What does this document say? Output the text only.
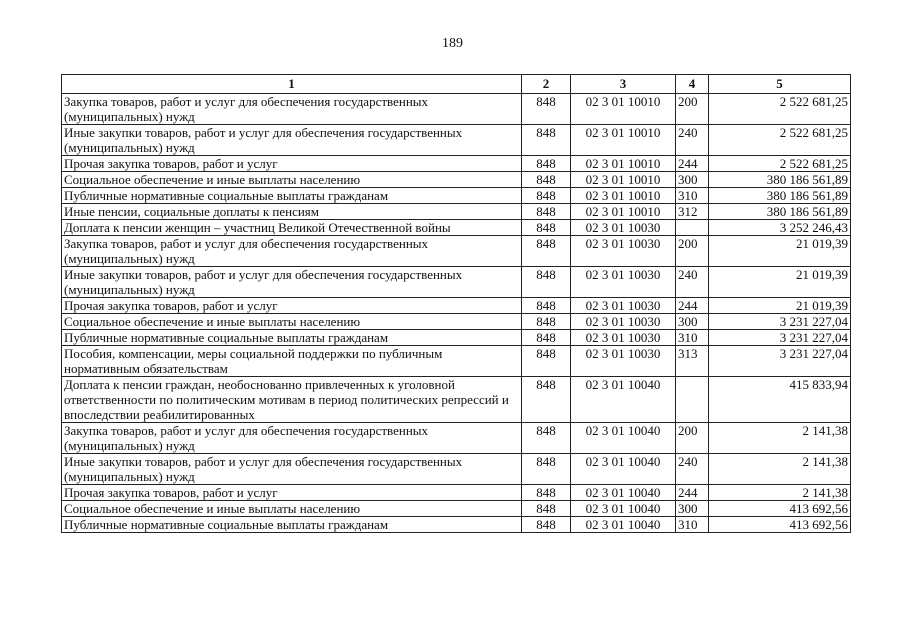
189
1	2	3	4	5
Закупка товаров, работ и услуг для обеспечения государственных (муниципальных) нужд	848	02 3 01 10010	200	2 522 681,25
Иные закупки товаров, работ и услуг для обеспечения государственных (муниципальных) нужд	848	02 3 01 10010	240	2 522 681,25
Прочая закупка товаров, работ и услуг	848	02 3 01 10010	244	2 522 681,25
Социальное обеспечение и иные выплаты населению	848	02 3 01 10010	300	380 186 561,89
Публичные нормативные социальные выплаты гражданам	848	02 3 01 10010	310	380 186 561,89
Иные пенсии, социальные доплаты к пенсиям	848	02 3 01 10010	312	380 186 561,89
Доплата к пенсии женщин – участниц Великой Отечественной войны	848	02 3 01 10030		3 252 246,43
Закупка товаров, работ и услуг для обеспечения государственных (муниципальных) нужд	848	02 3 01 10030	200	21 019,39
Иные закупки товаров, работ и услуг для обеспечения государственных (муниципальных) нужд	848	02 3 01 10030	240	21 019,39
Прочая закупка товаров, работ и услуг	848	02 3 01 10030	244	21 019,39
Социальное обеспечение и иные выплаты населению	848	02 3 01 10030	300	3 231 227,04
Публичные нормативные социальные выплаты гражданам	848	02 3 01 10030	310	3 231 227,04
Пособия, компенсации, меры социальной поддержки по публичным нормативным обязательствам	848	02 3 01 10030	313	3 231 227,04
Доплата к пенсии граждан, необоснованно привлеченных к уголовной ответственности по политическим мотивам в период политических репрессий и впоследствии реабилитированных	848	02 3 01 10040		415 833,94
Закупка товаров, работ и услуг для обеспечения государственных (муниципальных) нужд	848	02 3 01 10040	200	2 141,38
Иные закупки товаров, работ и услуг для обеспечения государственных (муниципальных) нужд	848	02 3 01 10040	240	2 141,38
Прочая закупка товаров, работ и услуг	848	02 3 01 10040	244	2 141,38
Социальное обеспечение и иные выплаты населению	848	02 3 01 10040	300	413 692,56
Публичные нормативные социальные выплаты гражданам	848	02 3 01 10040	310	413 692,56
